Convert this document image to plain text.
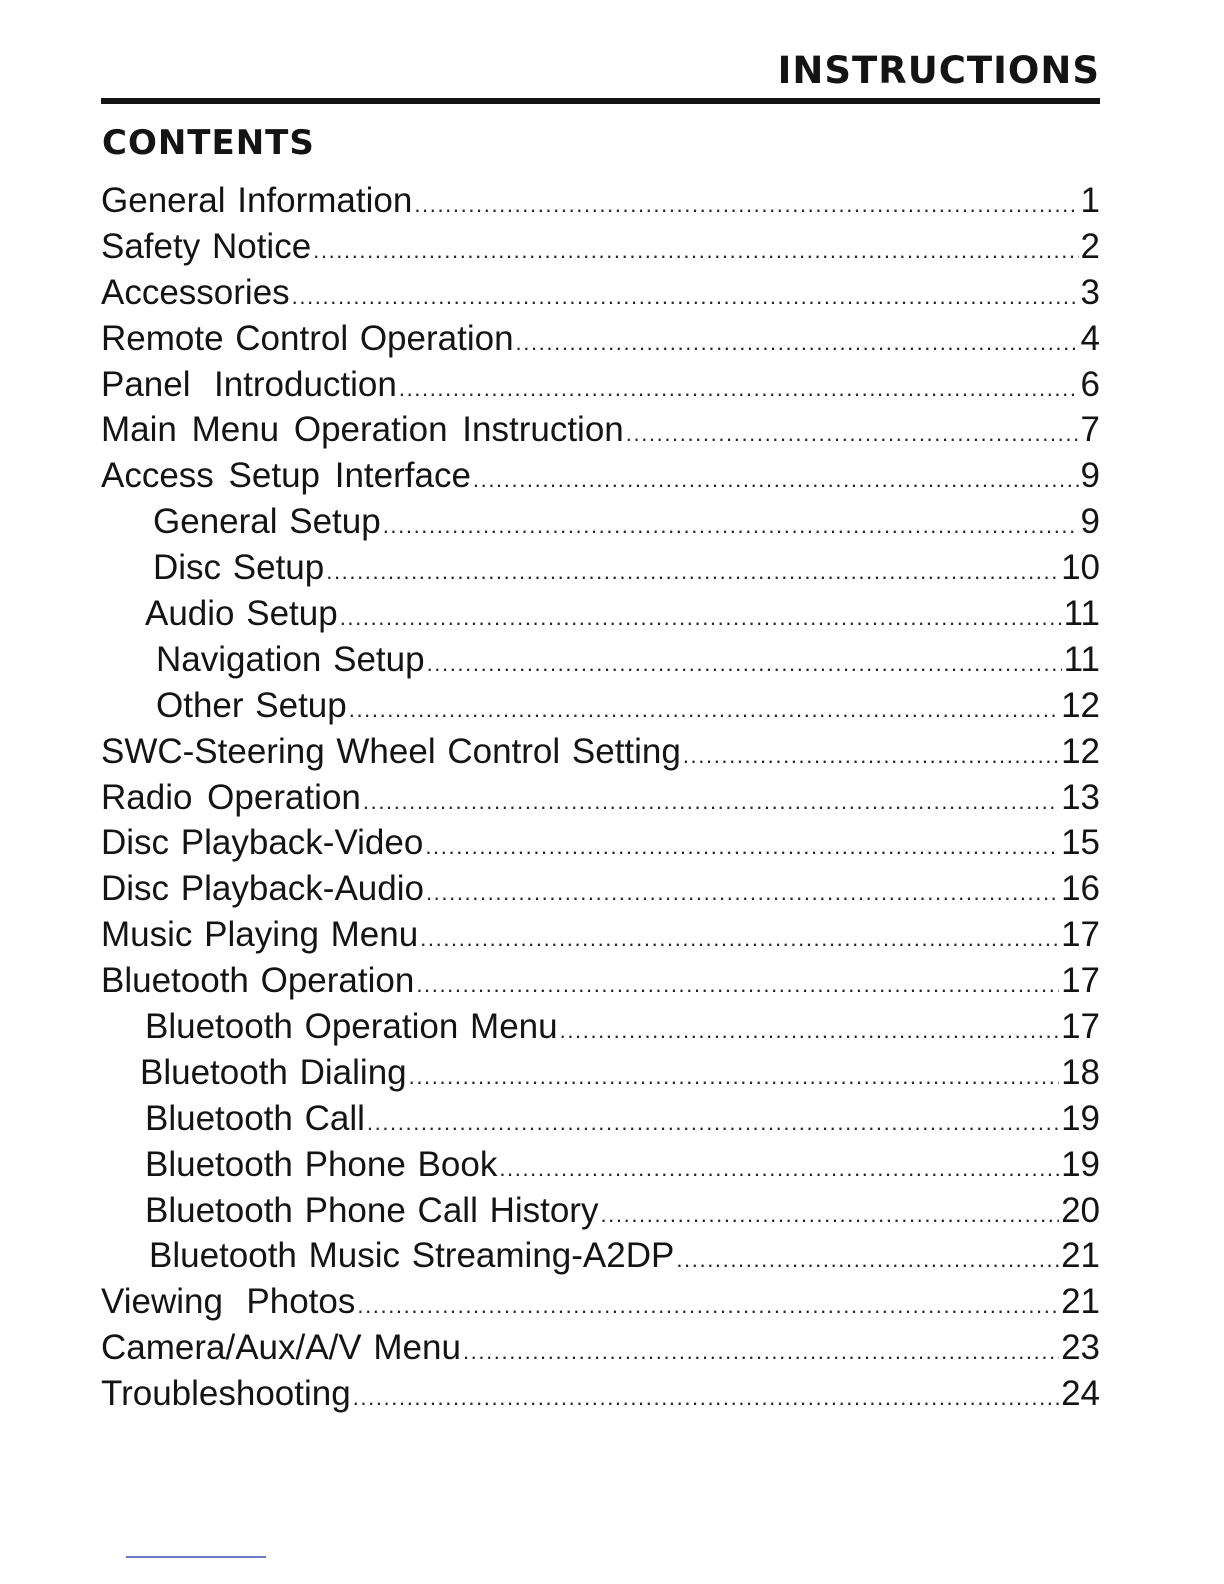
INSTRUCTIONS
CONTENTS
General Information .....	1
Safety Notice .....	2
Accessories .....	3
Remote Control Operation .....	4
Panel  Introduction .....	6
Main Menu Operation Instruction .....	7
Access Setup Interface .....	9
General Setup .....	9
Disc Setup .....	10
Audio Setup .....	11
Navigation Setup .....	11
Other Setup .....	12
SWC-Steering Wheel Control Setting .....	12
Radio Operation .....	13
Disc Playback-Video .....	15
Disc Playback-Audio .....	16
Music Playing Menu .....	17
Bluetooth Operation .....	17
Bluetooth Operation Menu .....	17
Bluetooth Dialing .....	18
Bluetooth Call .....	19
Bluetooth Phone Book .....	19
Bluetooth Phone Call History .....	20
Bluetooth Music Streaming-A2DP .....	21
Viewing  Photos .....	21
Camera/Aux/A/V Menu .....	23
Troubleshooting .....	24
